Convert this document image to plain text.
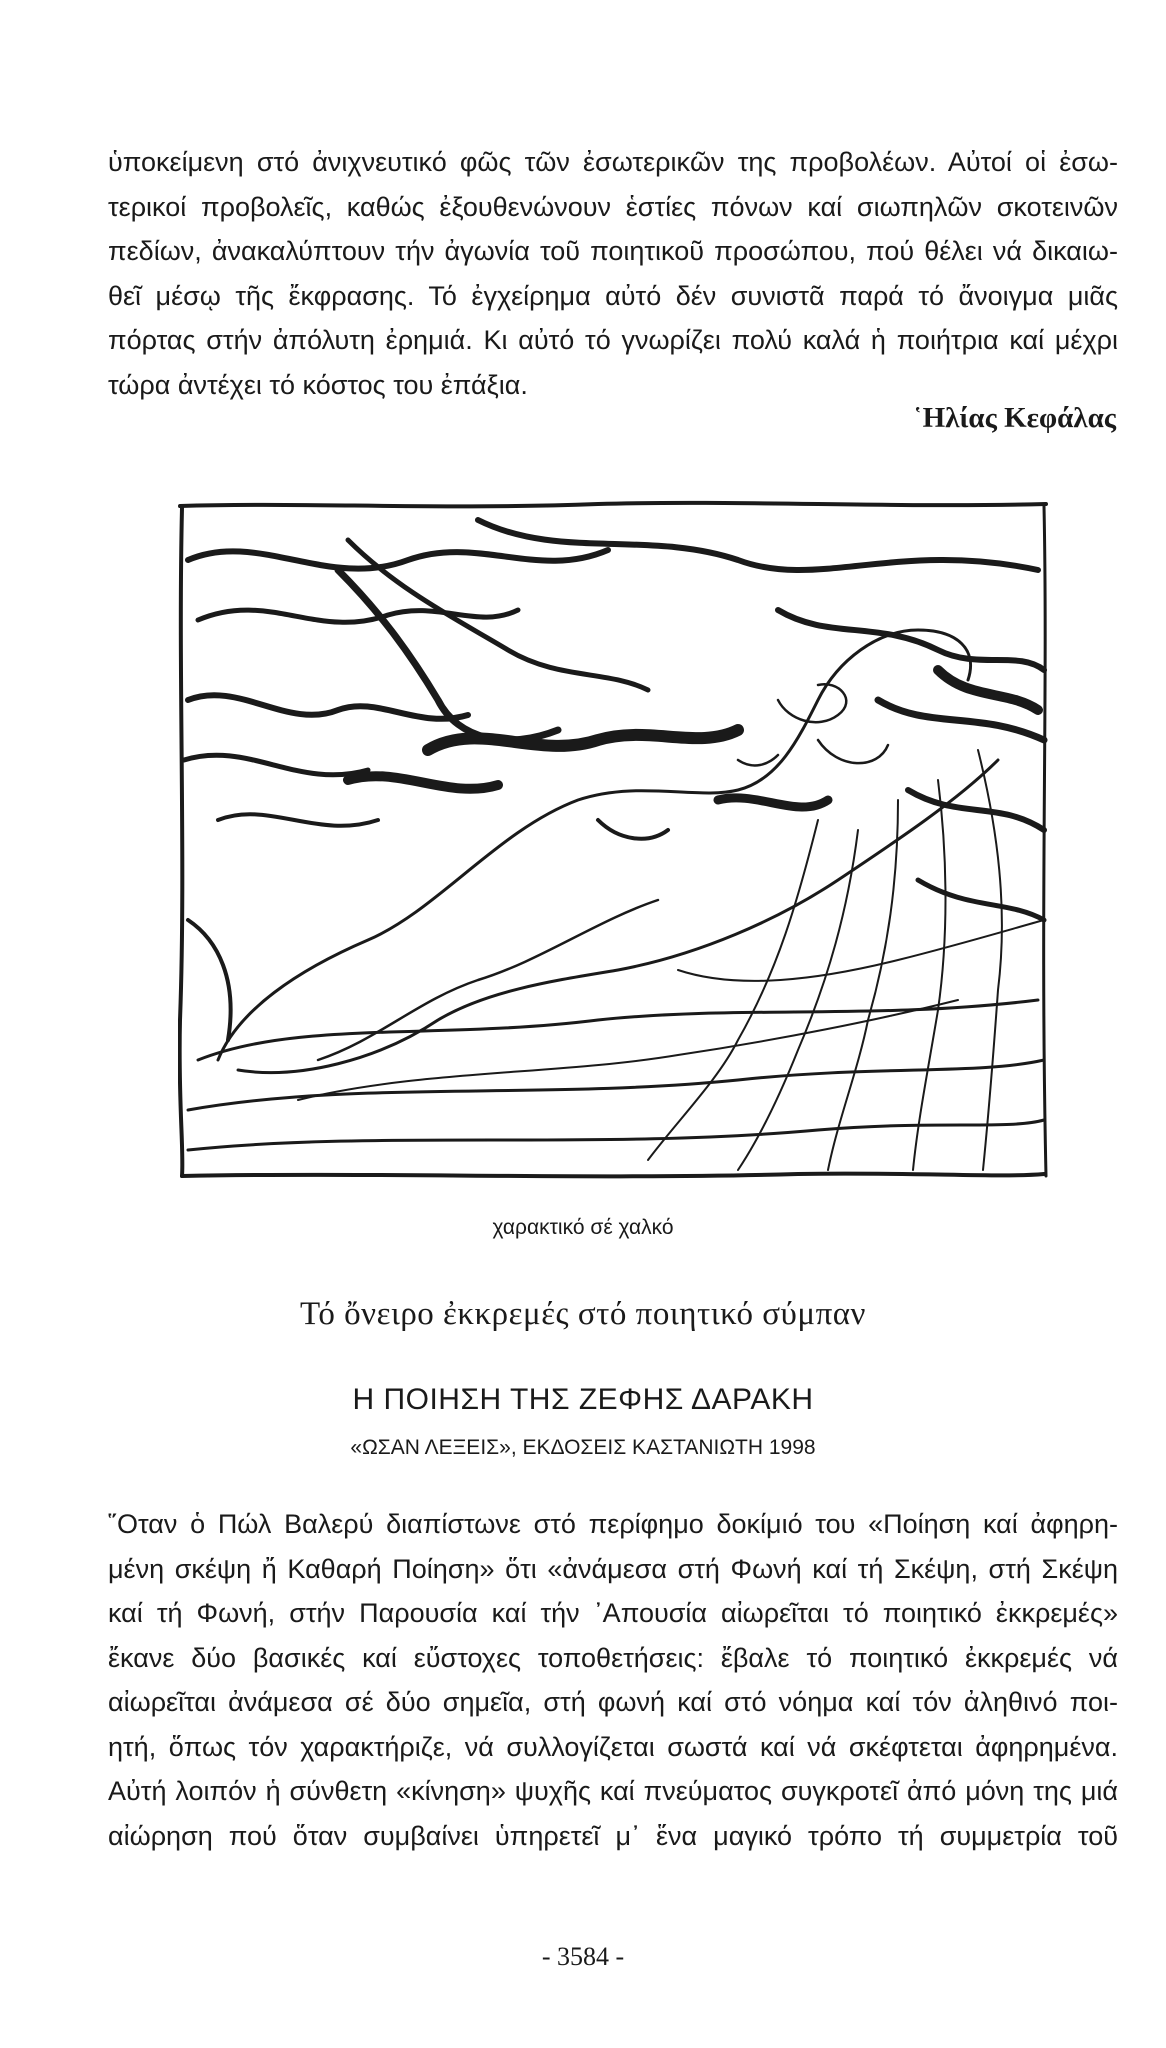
ὑποκείμενη στό ἀνιχνευτικό φῶς τῶν ἐσωτερικῶν της προβολέων. Αὐτοί οἱ ἐσω-
τερικοί προβολεῖς, καθώς ἐξουθενώνουν ἑστίες πόνων καί σιωπηλῶν σκοτεινῶν
πεδίων, ἀνακαλύπτουν τήν ἀγωνία τοῦ ποιητικοῦ προσώπου, πού θέλει νά δικαιω-
θεῖ μέσῳ τῆς ἔκφρασης. Τό ἐγχείρημα αὐτό δέν συνιστᾶ παρά τό ἄνοιγμα μιᾶς
πόρτας στήν ἀπόλυτη ἐρημιά. Κι αὐτό τό γνωρίζει πολύ καλά ἡ ποιήτρια καί μέχρι
τώρα ἀντέχει τό κόστος του ἐπάξια.
῾Ηλίας Κεφάλας
χαρακτικό σέ χαλκό
Τό ὄνειρο ἐκκρεμές στό ποιητικό σύμπαν
Η ΠΟΙΗΣΗ ΤΗΣ ΖΕΦΗΣ ΔΑΡΑΚΗ
«ΩΣΑΝ ΛΕΞΕΙΣ», ΕΚΔΟΣΕΙΣ ΚΑΣΤΑΝΙΩΤΗ 1998
῞Οταν ὁ Πώλ Βαλερύ διαπίστωνε στό περίφημο δοκίμιό του «Ποίηση καί ἀφηρη-
μένη σκέψη ἤ Καθαρή Ποίηση» ὅτι «ἀνάμεσα στή Φωνή καί τή Σκέψη, στή Σκέψη
καί τή Φωνή, στήν Παρουσία καί τήν ᾿Απουσία αἰωρεῖται τό ποιητικό ἐκκρεμές»
ἔκανε δύο βασικές καί εὔστοχες τοποθετήσεις: ἔβαλε τό ποιητικό ἐκκρεμές νά
αἰωρεῖται ἀνάμεσα σέ δύο σημεῖα, στή φωνή καί στό νόημα καί τόν ἀληθινό ποι-
ητή, ὅπως τόν χαρακτήριζε, νά συλλογίζεται σωστά καί νά σκέφτεται ἀφηρημένα.
Αὐτή λοιπόν ἡ σύνθετη «κίνηση» ψυχῆς καί πνεύματος συγκροτεῖ ἀπό μόνη της μιά
αἰώρηση πού ὅταν συμβαίνει ὑπηρετεῖ μ᾿ ἕνα μαγικό τρόπο τή συμμετρία τοῦ
- 3584 -
